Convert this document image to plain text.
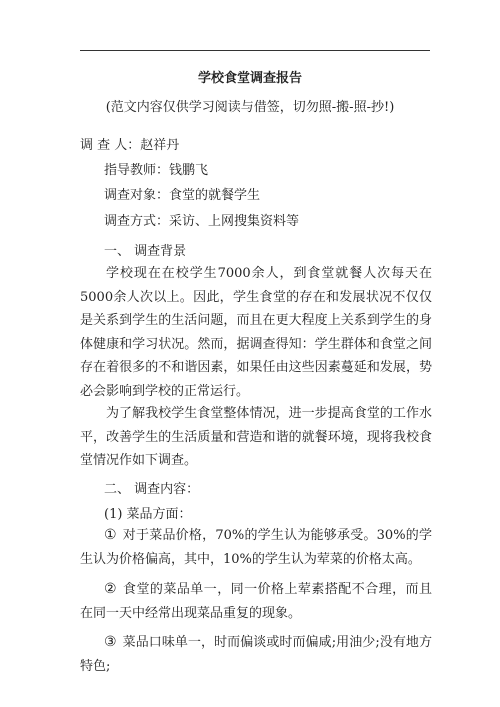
学校食堂调查报告
(范文内容仅供学习阅读与借签，切勿照-搬-照-抄!)
调 查 人：赵祥丹
指导教师：钱鹏飞
调查对象：食堂的就餐学生
调查方式：采访、上网搜集资料等
一、 调查背景
学校现在在校学生7000余人，到食堂就餐人次每天在5000余人次以上。因此，学生食堂的存在和发展状况不仅仅是关系到学生的生活问题，而且在更大程度上关系到学生的身体健康和学习状况。然而，据调查得知：学生群体和食堂之间存在着很多的不和谐因素，如果任由这些因素蔓延和发展，势必会影响到学校的正常运行。
为了解我校学生食堂整体情况，进一步提高食堂的工作水平，改善学生的生活质量和营造和谐的就餐环境，现将我校食堂情况作如下调查。
二、 调查内容：
(1) 菜品方面：
① 对于菜品价格，70%的学生认为能够承受。30%的学生认为价格偏高，其中，10%的学生认为荤菜的价格太高。
② 食堂的菜品单一，同一价格上荤素搭配不合理，而且在同一天中经常出现菜品重复的现象。
③ 菜品口味单一，时而偏谈或时而偏咸;用油少;没有地方特色;
